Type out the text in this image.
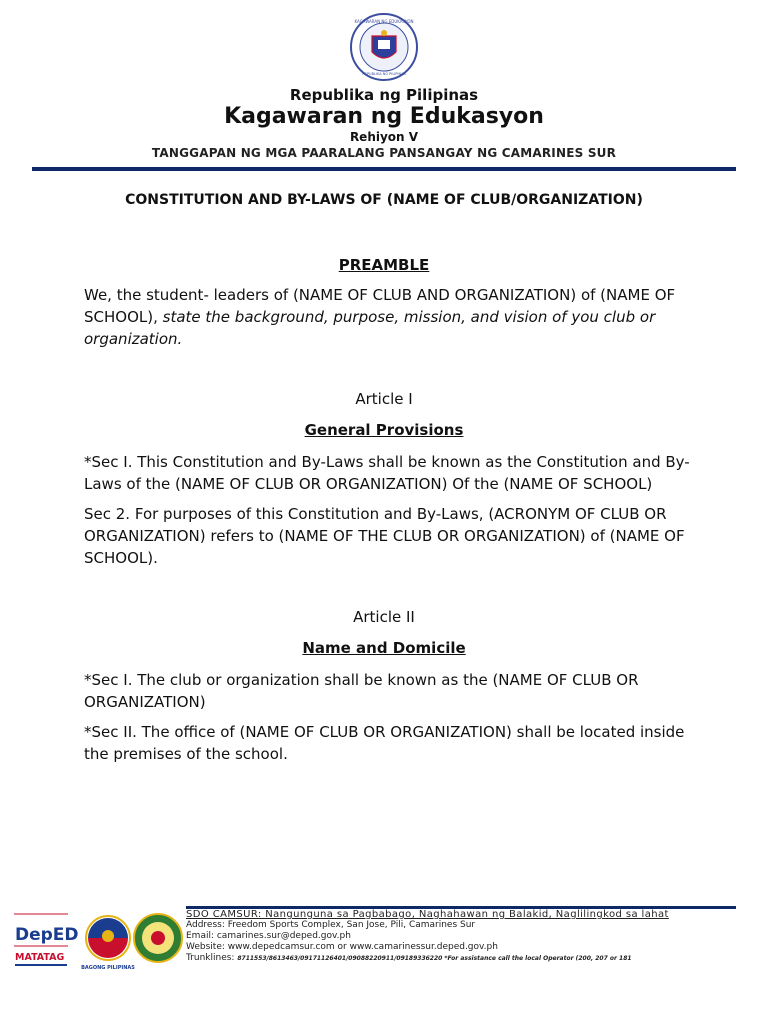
KAGAWARAN NG EDUKASYON
REPUBLIKA NG PILIPINAS
Republika ng Pilipinas
Kagawaran ng Edukasyon
Rehiyon V
TANGGAPAN NG MGA PAARALANG PANSANGAY NG CAMARINES SUR
CONSTITUTION AND BY-LAWS OF (NAME OF CLUB/ORGANIZATION)
PREAMBLE
We, the student- leaders of (NAME OF CLUB AND ORGANIZATION) of (NAME OF SCHOOL), state the background, purpose, mission, and vision of you club or organization.
Article I
General Provisions
*Sec I. This Constitution and By-Laws shall be known as the Constitution and By-Laws of the (NAME OF CLUB OR ORGANIZATION) Of the (NAME OF SCHOOL)
Sec 2. For purposes of this Constitution and By-Laws, (ACRONYM OF CLUB OR ORGANIZATION) refers to (NAME OF THE CLUB OR ORGANIZATION) of (NAME OF SCHOOL).
Article II
Name and Domicile
*Sec I. The club or organization shall be known as the (NAME OF CLUB OR ORGANIZATION)
*Sec II. The office of (NAME OF CLUB OR ORGANIZATION) shall be located inside the premises of the school.
DepED
MATATAG
BAGONG PILIPINAS
SDO CAMSUR: Nangunguna sa Pagbabago, Naghahawan ng Balakid, Naglilingkod sa lahat
Address: Freedom Sports Complex, San Jose, Pili, Camarines Sur
Email: camarines.sur@deped.gov.ph
Website: www.depedcamsur.com or www.camarinessur.deped.gov.ph
Trunklines: 8711553/8613463/09171126401/09088220911/09189336220 *For assistance call the local Operator (200, 207 or 181
